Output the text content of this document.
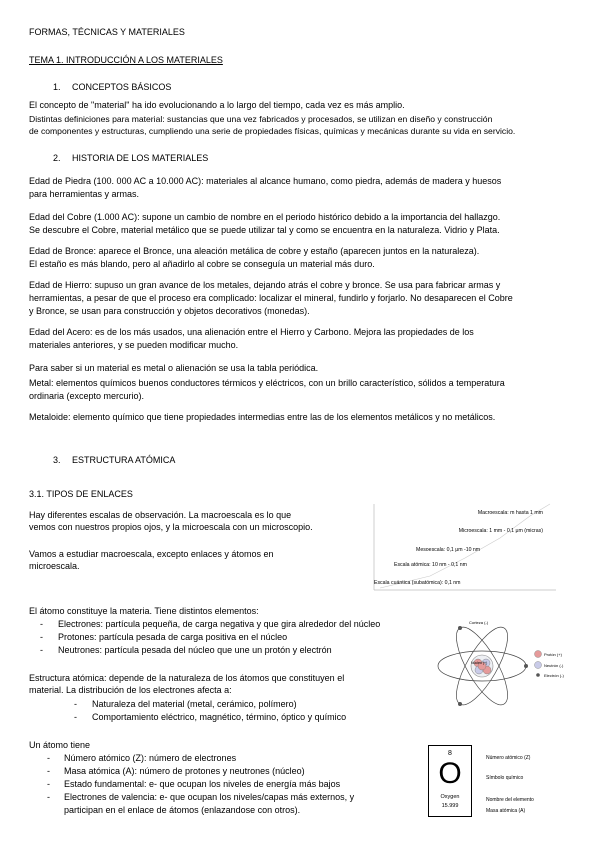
FORMAS, TÉCNICAS Y MATERIALES
TEMA 1. INTRODUCCIÓN A LOS MATERIALES
1. CONCEPTOS BÁSICOS
El concepto de "material" ha ido evolucionando a lo largo del tiempo, cada vez es más amplio.
Distintas definiciones para material: sustancias que una vez fabricados y procesados, se utilizan en diseño y construcción
de componentes y estructuras, cumpliendo una serie de propiedades físicas, químicas y mecánicas durante su vida en servicio.
2. HISTORIA DE LOS MATERIALES
Edad de Piedra (100. 000 AC a 10.000 AC): materiales al alcance humano, como piedra, además de madera y huesos
para herramientas y armas.
Edad del Cobre (1.000 AC): supone un cambio de nombre en el periodo histórico debido a la importancia del hallazgo.
Se descubre el Cobre, material metálico que se puede utilizar tal y como se encuentra en la naturaleza. Vidrio y Plata.
Edad de Bronce: aparece el Bronce, una aleación metálica de cobre y estaño (aparecen juntos en la naturaleza).
El estaño es más blando, pero al añadirlo al cobre se conseguía un material más duro.
Edad de Hierro: supuso un gran avance de los metales, dejando atrás el cobre y bronce. Se usa para fabricar armas y
herramientas, a pesar de que el proceso era complicado: localizar el mineral, fundirlo y forjarlo. No desaparecen el Cobre
y Bronce, se usan para construcción y objetos decorativos (monedas).
Edad del Acero: es de los más usados, una alienación entre el Hierro y Carbono. Mejora las propiedades de los
materiales anteriores, y se pueden modificar mucho.
Para saber si un material es metal o alienación se usa la tabla periódica.
Metal: elementos químicos buenos conductores térmicos y eléctricos, con un brillo característico, sólidos a temperatura
ordinaria (excepto mercurio).
Metaloide: elemento químico que tiene propiedades intermedias entre las de los elementos metálicos y no metálicos.
3. ESTRUCTURA ATÓMICA
3.1. TIPOS DE ENLACES
Hay diferentes escalas de observación. La macroescala es lo que
vemos con nuestros propios ojos, y la microescala con un microscopio.
Vamos a estudiar macroescala, excepto enlaces y átomos en
microescala.
Macroescala: m hasta 1 mm
Microescala: 1 mm - 0,1 μm (micras)
Mesoescala: 0,1 μm -10 nm
Escala atómica: 10 nm - 0,1 nm
Escala cuántica (subatómica): 0,1 nm
El átomo constituye la materia. Tiene distintos elementos:
- Electrones: partícula pequeña, de carga negativa y que gira alrededor del núcleo
- Protones: partícula pesada de carga positiva en el núcleo
- Neutrones: partícula pesada del núcleo que une un protón y electrón
Corteza (-)
Núcleo (+)
Protón (+)
Neutrón (-)
Electrón (-)
Estructura atómica: depende de la naturaleza de los átomos que constituyen el
material. La distribución de los electrones afecta a:
- Naturaleza del material (metal, cerámico, polímero)
- Comportamiento eléctrico, magnético, término, óptico y químico
Un átomo tiene
- Número atómico (Z): número de electrones
- Masa atómica (A): número de protones y neutrones (núcleo)
- Estado fundamental: e- que ocupan los niveles de energía más bajos
- Electrones de valencia: e- que ocupan los niveles/capas más externos, y
participan en el enlace de átomos (enlazandose con otros).
8
O
Oxygen
15.999
Número atómico (Z)
Símbolo químico
Nombre del elemento
Masa atómica (A)
